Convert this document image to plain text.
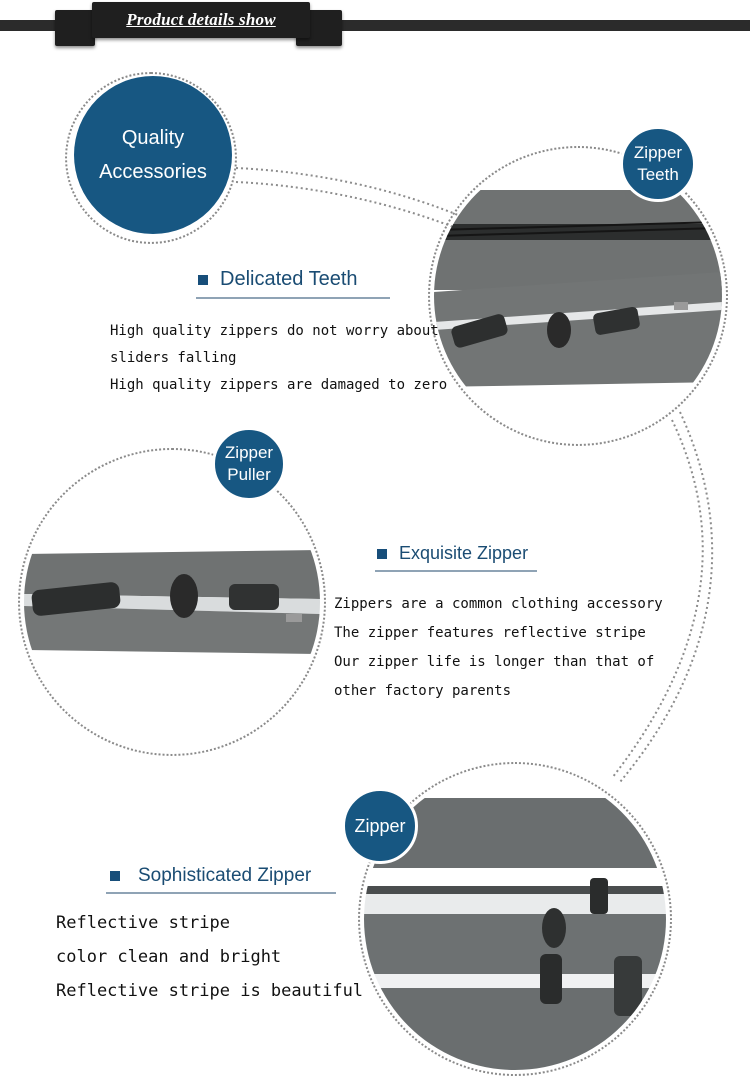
Product details show
Quality
Accessories
Zipper
Teeth
Delicated Teeth
High quality zippers do not worry about
sliders falling
High quality zippers are damaged to zero
Zipper
Puller
Exquisite Zipper
Zippers are a common clothing accessory
The zipper features reflective stripe
Our zipper life is longer than that of
other factory parents
Zipper
Sophisticated Zipper
Reflective stripe
color clean and bright
Reflective stripe is beautiful
